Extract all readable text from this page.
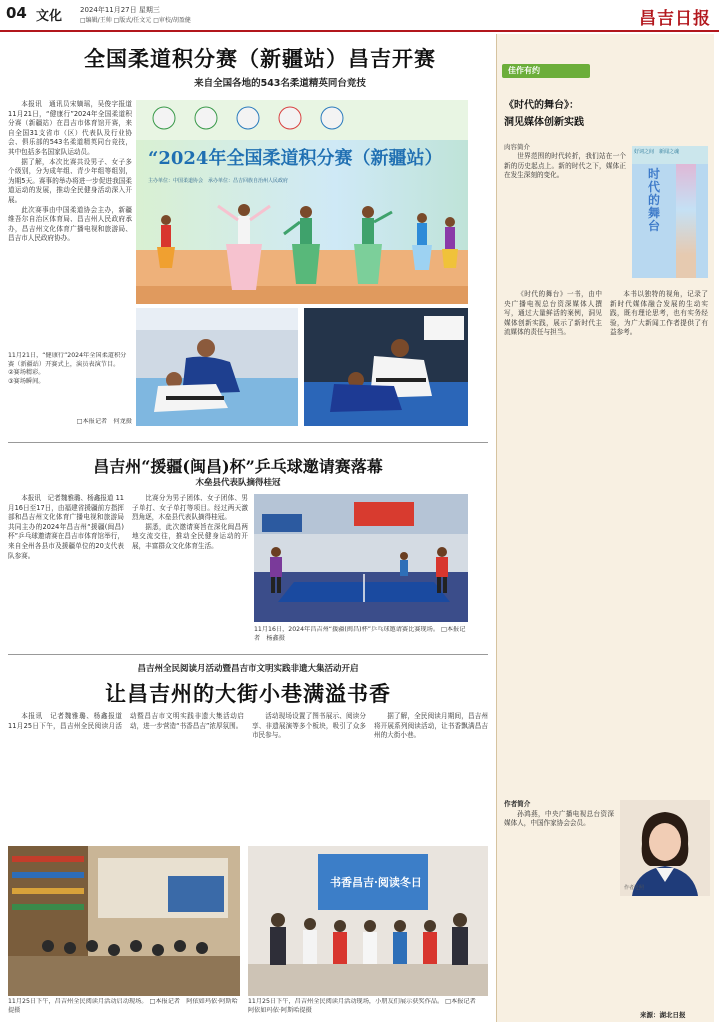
04 文化	2024年11月27日 星期三
□编辑/王帅 □版式/任文元 □审校/胡盈健	昌吉日报
全国柔道积分赛（新疆站）昌吉开赛
来自全国各地的543名柔道精英同台竞技

本报讯　通讯员宋嫡瑶，吴俊字报道 11月21日，“健康行”2024年全国柔道积分赛（新疆站）在昌吉市体育馆开赛，来自全国31支省市（区）代表队及行业协会、俱乐部的543名柔道精英同台竞技，其中包括多名国家队运动员。

据了解，本次比赛共设男子、女子多个级别，分为成年组、青少年组等组别，为期5天。赛事的举办将进一步促进我国柔道运动的发展，推动全民健身活动深入开展。

此次赛事由中国柔道协会主办，新疆维吾尔自治区体育局、昌吉州人民政府承办，昌吉州文化体育广播电视和旅游局、昌吉市人民政府协办。

“2024年全国柔道积分赛（新疆站）
主办单位：中国柔道协会　承办单位：昌吉回族自治州人民政府
11月21日，“健康行”2024年全国柔道积分赛（新疆站）开赛式上，演员表演节目。
②赛场精彩。
③赛场瞬间。
□本报记者　何龙摄
昌吉州“援疆(闽昌)杯”乒乓球邀请赛落幕
木垒县代表队摘得桂冠

本报讯　记者魏雅璐、杨鑫报道 11月16日至17日，由福建省援疆前方指挥部和昌吉州文化体育广播电视和旅游局共同主办的2024年昌吉州“援疆(闽昌)杯”乒乓球邀请赛在昌吉市体育馆举行，来自全州各县市及援疆单位的20支代表队参赛。

比赛分为男子团体、女子团体、男子单打、女子单打等项目。经过两天激烈角逐，木垒县代表队摘得桂冠。

据悉，此次邀请赛旨在深化闽昌两地交流交往，推动全民健身运动的开展，丰富群众文化体育生活。

11月16日，2024年昌吉州“援疆(闽昌)杯”乒乓球邀请赛比赛现场。 □本报记者　杨鑫摄
昌吉州全民阅读月活动暨昌吉市文明实践非遗大集活动开启
让昌吉州的大街小巷满溢书香

本报讯　记者魏雅璐、杨鑫报道 11月25日下午，昌吉州全民阅读月活动暨昌吉市文明实践非遗大集活动启动，进一步营造“书香昌吉”浓厚氛围。

活动现场设置了图书展示、阅读分享、非遗展演等多个板块，吸引了众多市民参与。

据了解，全民阅读月期间，昌吉州将开展系列阅读活动，让书香飘满昌吉州的大街小巷。

11月25日下午，昌吉州全民阅读月活动启动现场。 □本报记者　阿依如玛依·阿斯哈提摄
书香昌吉·阅读冬日
11月25日下午，昌吉州全民阅读月活动现场，小朋友们展示获奖作品。 □本报记者　阿依如玛依·阿斯哈提摄
佳作有约
《时代的舞台》：
洞见媒体创新实践
肉容简介
好词之间　新闻之魂
时代的舞台

世界范围的时代转折，我们站在一个新的历史起点上。新的时代之下，媒体正在发生深刻的变化。

《时代的舞台》一书，由中央广播电视总台资深媒体人撰写，通过大量鲜活的案例，洞见媒体创新实践，展示了新时代主流媒体的责任与担当。

本书以独特的视角，记录了新时代媒体融合发展的生动实践，既有理论思考，也有实务经验，为广大新闻工作者提供了有益参考。

作者简介

孙鸿燕，中央广播电视总台资深媒体人，中国作家协会会员。

作者近照
来源：湖北日报
